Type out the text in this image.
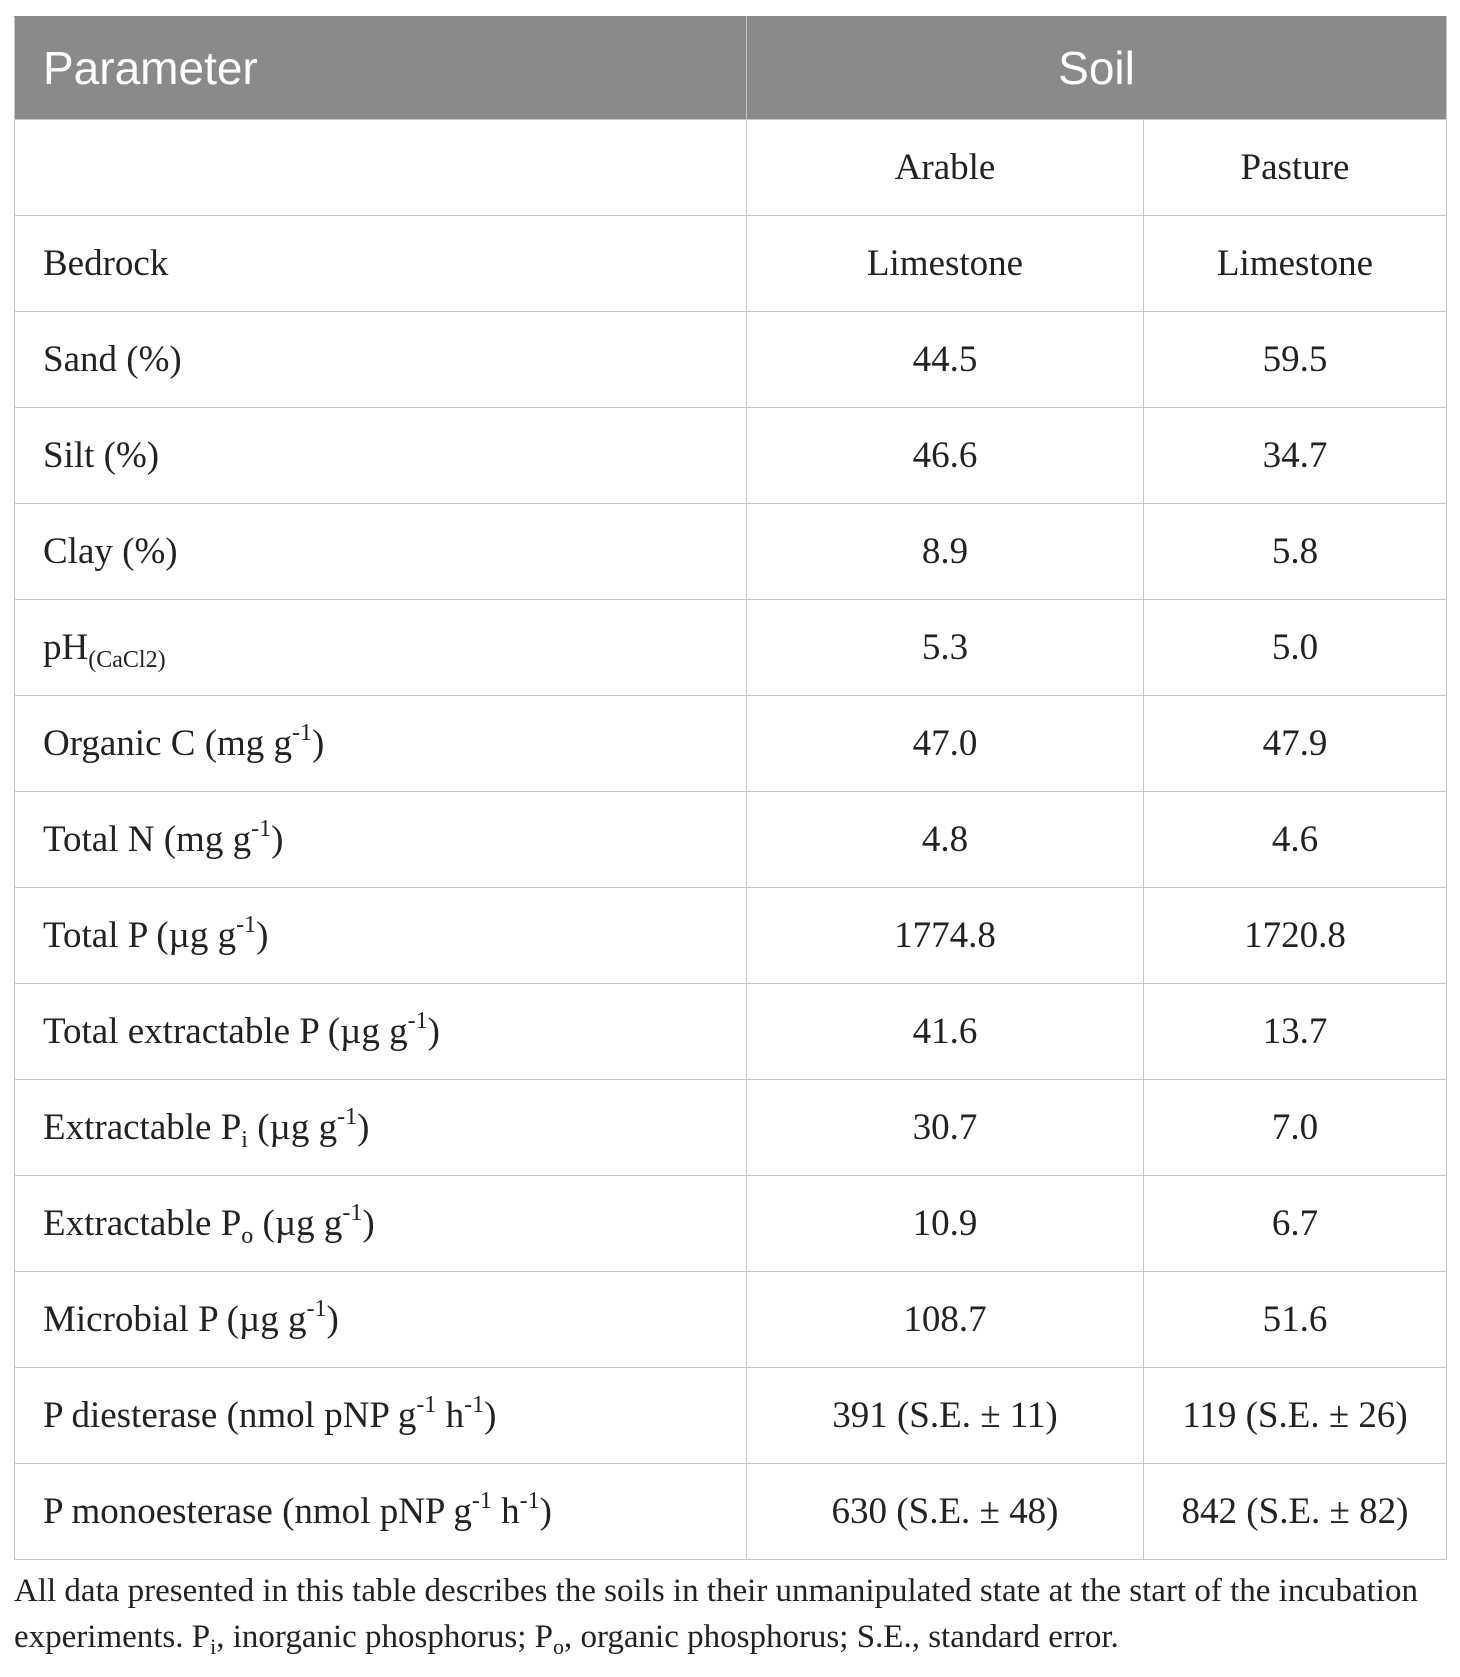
Parameter	Soil	
	Arable	Pasture
Bedrock	Limestone	Limestone
Sand (%)	44.5	59.5
Silt (%)	46.6	34.7
Clay (%)	8.9	5.8
$pH_{(CaCl2)}$	5.3	5.0
Organic C (mg $g^{-1}$)	47.0	47.9
Total N (mg $g^{-1}$)	4.8	4.6
Total P (µg $g^{-1}$)	1774.8	1720.8
Total extractable P (µg $g^{-1}$)	41.6	13.7
Extractable $P_i$ (µg $g^{-1}$)	30.7	7.0
Extractable $P_o$ (µg $g^{-1}$)	10.9	6.7
Microbial P (µg $g^{-1}$)	108.7	51.6
P diesterase (nmol pNP $g^{-1}$ $h^{-1}$)	391 (S.E. ± 11)	119 (S.E. ± 26)
P monoesterase (nmol pNP $g^{-1}$ $h^{-1}$)	630 (S.E. ± 48)	842 (S.E. ± 82)

All data presented in this table describes the soils in their unmanipulated state at the start of the incubation experiments. $P_i$, inorganic phosphorus; $P_o$, organic phosphorus; S.E., standard error.
